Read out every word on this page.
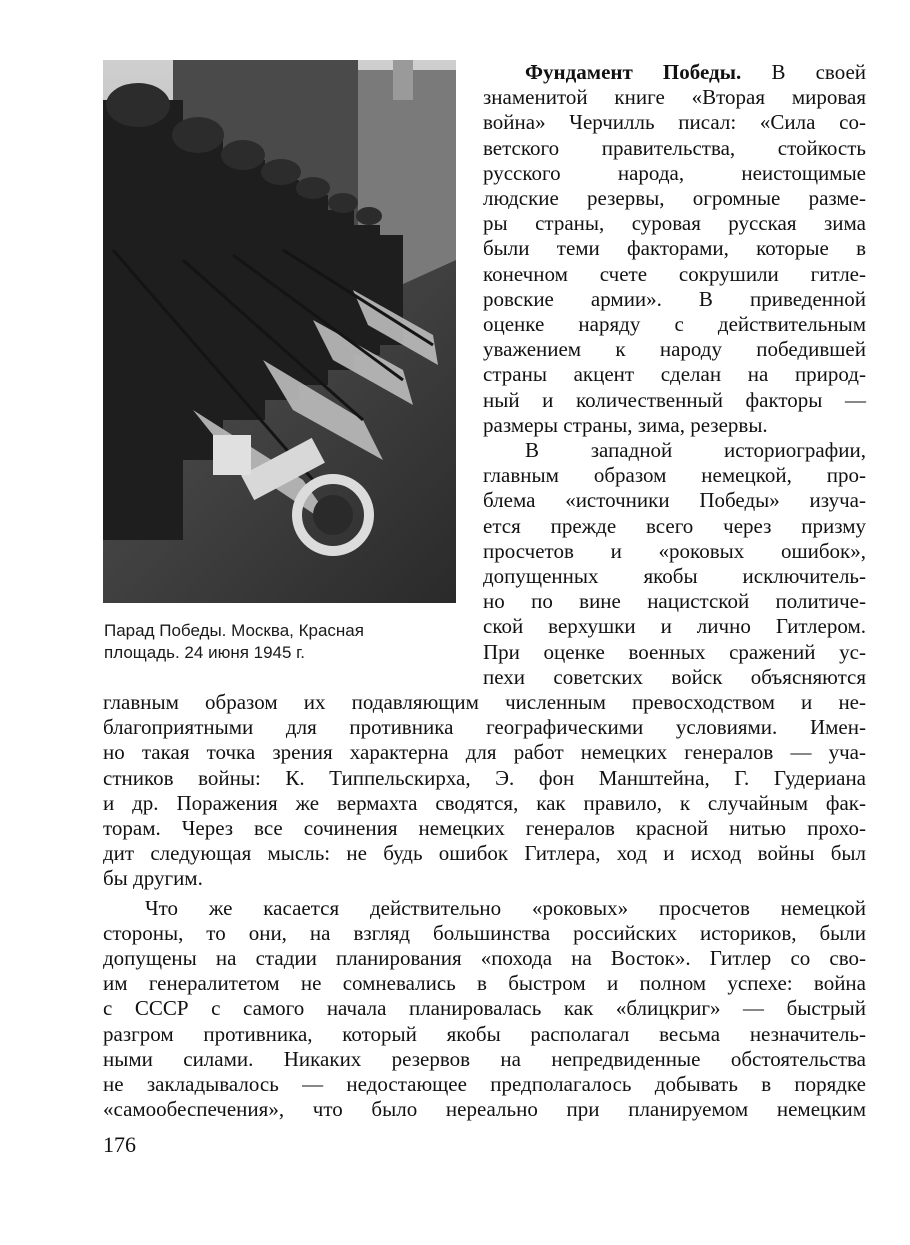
Парад Победы. Москва, Красная
площадь. 24 июня 1945 г.
Фундамент Победы. В своей
знаменитой книге «Вторая мировая
война» Черчилль писал: «Сила со-
ветского правительства, стойкость
русского народа, неистощимые
людские резервы, огромные разме-
ры страны, суровая русская зима
были теми факторами, которые в
конечном счете сокрушили гитле-
ровские армии». В приведенной
оценке наряду с действительным
уважением к народу победившей
страны акцент сделан на природ-
ный и количественный факторы —
размеры страны, зима, резервы.
В западной историографии,
главным образом немецкой, про-
блема «источники Победы» изуча-
ется прежде всего через призму
просчетов и «роковых ошибок»,
допущенных якобы исключитель-
но по вине нацистской политиче-
ской верхушки и лично Гитлером.
При оценке военных сражений ус-
пехи советских войск объясняются
главным образом их подавляющим численным превосходством и не-
благоприятными для противника географическими условиями. Имен-
но такая точка зрения характерна для работ немецких генералов — уча-
стников войны: К. Типпельскирха, Э. фон Манштейна, Г. Гудериана
и др. Поражения же вермахта сводятся, как правило, к случайным фак-
торам. Через все сочинения немецких генералов красной нитью прохо-
дит следующая мысль: не будь ошибок Гитлера, ход и исход войны был
бы другим.
Что же касается действительно «роковых» просчетов немецкой
стороны, то они, на взгляд большинства российских историков, были
допущены на стадии планирования «похода на Восток». Гитлер со сво-
им генералитетом не сомневались в быстром и полном успехе: война
с СССР с самого начала планировалась как «блицкриг» — быстрый
разгром противника, который якобы располагал весьма незначитель-
ными силами. Никаких резервов на непредвиденные обстоятельства
не закладывалось — недостающее предполагалось добывать в порядке
«самообеспечения», что было нереально при планируемом немецким
176
